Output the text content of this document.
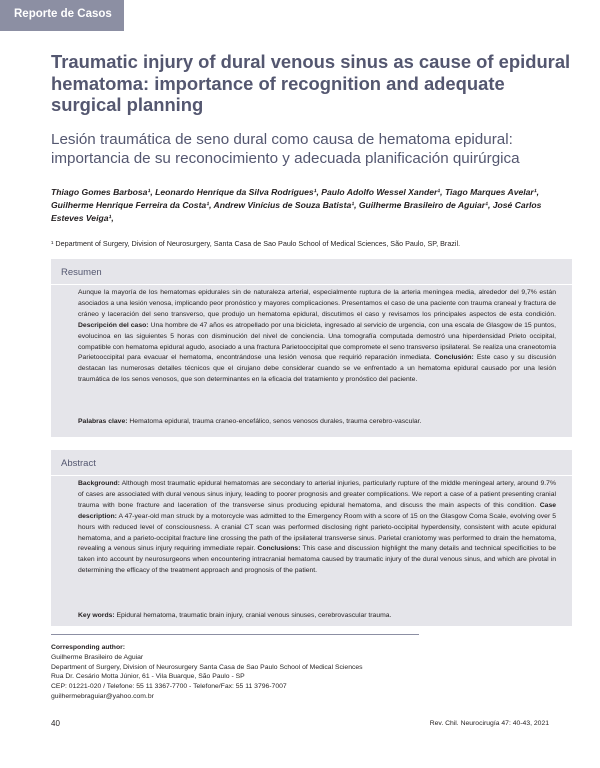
Reporte de Casos
Traumatic injury of dural venous sinus as cause of epidural hematoma: importance of recognition and adequate surgical planning
Lesión traumática de seno dural como causa de hematoma epidural: importancia de su reconocimiento y adecuada planificación quirúrgica
Thiago Gomes Barbosa¹, Leonardo Henrique da Silva Rodrigues¹, Paulo Adolfo Wessel Xander¹, Tiago Marques Avelar¹, Guilherme Henrique Ferreira da Costa¹, Andrew Vinícius de Souza Batista¹, Guilherme Brasileiro de Aguiar¹, José Carlos Esteves Veiga¹,
¹ Department of Surgery, Division of Neurosurgery, Santa Casa de Sao Paulo School of Medical Sciences, São Paulo, SP, Brazil.
Resumen
Aunque la mayoría de los hematomas epidurales sin de naturaleza arterial, especialmente ruptura de la arteria meningea media, alrededor del 9,7% están asociados a una lesión venosa, implicando peor pronóstico y mayores complicaciones. Presentamos el caso de una paciente con trauma craneal y fractura de cráneo y laceración del seno transverso, que produjo un hematoma epidural, discutimos el caso y revisamos los principales aspectos de esta condición. Descripción del caso: Una hombre de 47 años es atropellado por una bicicleta, ingresado al servicio de urgencia, con una escala de Glasgow de 15 puntos, evolucinoa en las siguientes 5 horas con disminución del nivel de conciencia. Una tomografía computada demostró una hiperdensidad Prieto occipital, compatible con hematoma epidural agudo, asociado a una fractura Parietooccipital que compromete el seno transverso ipsilateral. Se realiza una craneotomía Parietooccipital para evacuar el hematoma, encontrándose una lesión venosa que requirió reparación inmediata. Conclusión: Este caso y su discusión destacan las numerosas detalles técnicos que el cirujano debe considerar cuando se ve enfrentado a un hematoma epidural causado por una lesión traumática de los senos venosos, que son determinantes en la eficacia del tratamiento y pronóstico del paciente.
Palabras clave: Hematoma epidural, trauma craneo-encefálico, senos venosos durales, trauma cerebro-vascular.
Abstract
Background: Although most traumatic epidural hematomas are secondary to arterial injuries, particularly rupture of the middle meningeal artery, around 9.7% of cases are associated with dural venous sinus injury, leading to poorer prognosis and greater complications. We report a case of a patient presenting cranial trauma with bone fracture and laceration of the transverse sinus producing epidural hematoma, and discuss the main aspects of this condition. Case description: A 47-year-old man struck by a motorcycle was admitted to the Emergency Room with a score of 15 on the Glasgow Coma Scale, evolving over 5 hours with reduced level of consciousness. A cranial CT scan was performed disclosing right parieto-occipital hyperdensity, consistent with acute epidural hematoma, and a parieto-occipital fracture line crossing the path of the ipsilateral transverse sinus. Parietal craniotomy was performed to drain the hematoma, revealing a venous sinus injury requiring immediate repair. Conclusions: This case and discussion highlight the many details and technical specificities to be taken into account by neurosurgeons when encountering intracranial hematoma caused by traumatic injury of the dural venous sinus, and which are pivotal in determining the efficacy of the treatment approach and prognosis of the patient.
Key words: Epidural hematoma, traumatic brain injury, cranial venous sinuses, cerebrovascular trauma.
Corresponding author:
Guilherme Brasileiro de Aguiar
Department of Surgery, Division of Neurosurgery Santa Casa de Sao Paulo School of Medical Sciences
Rua Dr. Cesário Motta Júnior, 61 - Vila Buarque, São Paulo - SP
CEP: 01221-020 / Telefone: 55 11 3367-7700 - Telefone/Fax: 55 11 3796-7007
guilhermebraguiar@yahoo.com.br
40	Rev. Chil. Neurocirugía 47: 40-43, 2021
